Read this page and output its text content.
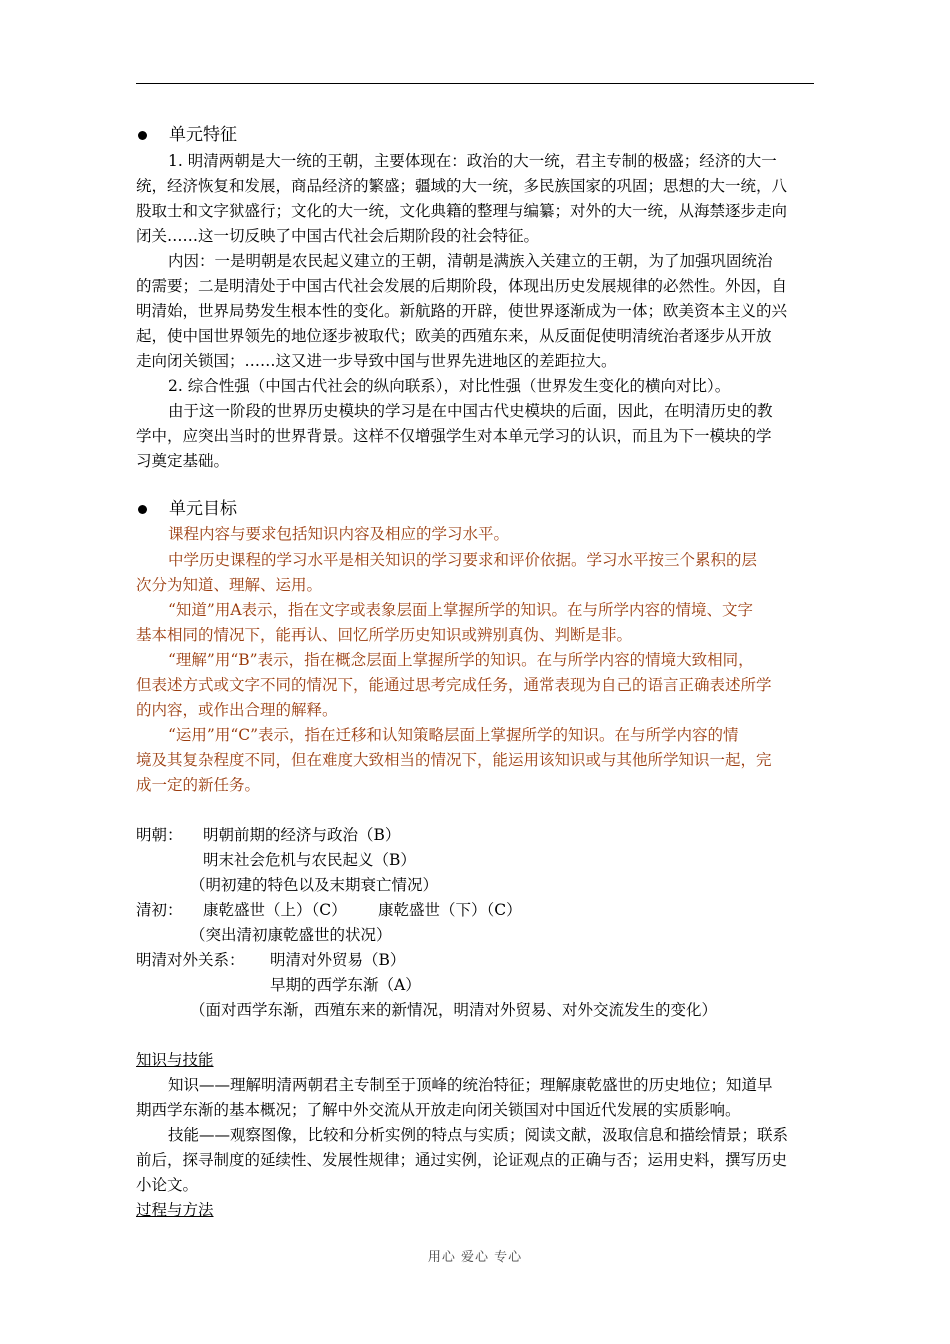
单元特征
1. 明清两朝是大一统的王朝，主要体现在：政治的大一统，君主专制的极盛；经济的大一
统，经济恢复和发展，商品经济的繁盛；疆域的大一统，多民族国家的巩固；思想的大一统，八
股取士和文字狱盛行；文化的大一统，文化典籍的整理与编纂；对外的大一统，从海禁逐步走向
闭关……这一切反映了中国古代社会后期阶段的社会特征。
内因：一是明朝是农民起义建立的王朝，清朝是满族入关建立的王朝，为了加强巩固统治
的需要；二是明清处于中国古代社会发展的后期阶段，体现出历史发展规律的必然性。外因，自
明清始，世界局势发生根本性的变化。新航路的开辟，使世界逐渐成为一体；欧美资本主义的兴
起，使中国世界领先的地位逐步被取代；欧美的西殖东来，从反面促使明清统治者逐步从开放
走向闭关锁国；……这又进一步导致中国与世界先进地区的差距拉大。
2. 综合性强（中国古代社会的纵向联系），对比性强（世界发生变化的横向对比）。
由于这一阶段的世界历史模块的学习是在中国古代史模块的后面，因此，在明清历史的教
学中，应突出当时的世界背景。这样不仅增强学生对本单元学习的认识，而且为下一模块的学
习奠定基础。
单元目标
课程内容与要求包括知识内容及相应的学习水平。
中学历史课程的学习水平是相关知识的学习要求和评价依据。学习水平按三个累积的层
次分为知道、理解、运用。
“知道”用A表示，指在文字或表象层面上掌握所学的知识。在与所学内容的情境、文字
基本相同的情况下，能再认、回忆所学历史知识或辨别真伪、判断是非。
“理解”用“B”表示，指在概念层面上掌握所学的知识。在与所学内容的情境大致相同，
但表述方式或文字不同的情况下，能通过思考完成任务，通常表现为自己的语言正确表述所学
的内容，或作出合理的解释。
“运用”用“C”表示，指在迁移和认知策略层面上掌握所学的知识。在与所学内容的情
境及其复杂程度不同，但在难度大致相当的情况下，能运用该知识或与其他所学知识一起，完
成一定的新任务。
明朝： 明朝前期的经济与政治（B）
明末社会危机与农民起义（B）
（明初建的特色以及末期衰亡情况）
清初： 康乾盛世（上）（C） 康乾盛世（下）（C）
（突出清初康乾盛世的状况）
明清对外关系： 明清对外贸易（B）
早期的西学东渐（A）
（面对西学东渐，西殖东来的新情况，明清对外贸易、对外交流发生的变化）
知识与技能
知识——理解明清两朝君主专制至于顶峰的统治特征；理解康乾盛世的历史地位；知道早
期西学东渐的基本概况；了解中外交流从开放走向闭关锁国对中国近代发展的实质影响。
技能——观察图像，比较和分析实例的特点与实质；阅读文献，汲取信息和描绘情景；联系
前后，探寻制度的延续性、发展性规律；通过实例，论证观点的正确与否；运用史料，撰写历史
小论文。
过程与方法
用心 爱心 专心
